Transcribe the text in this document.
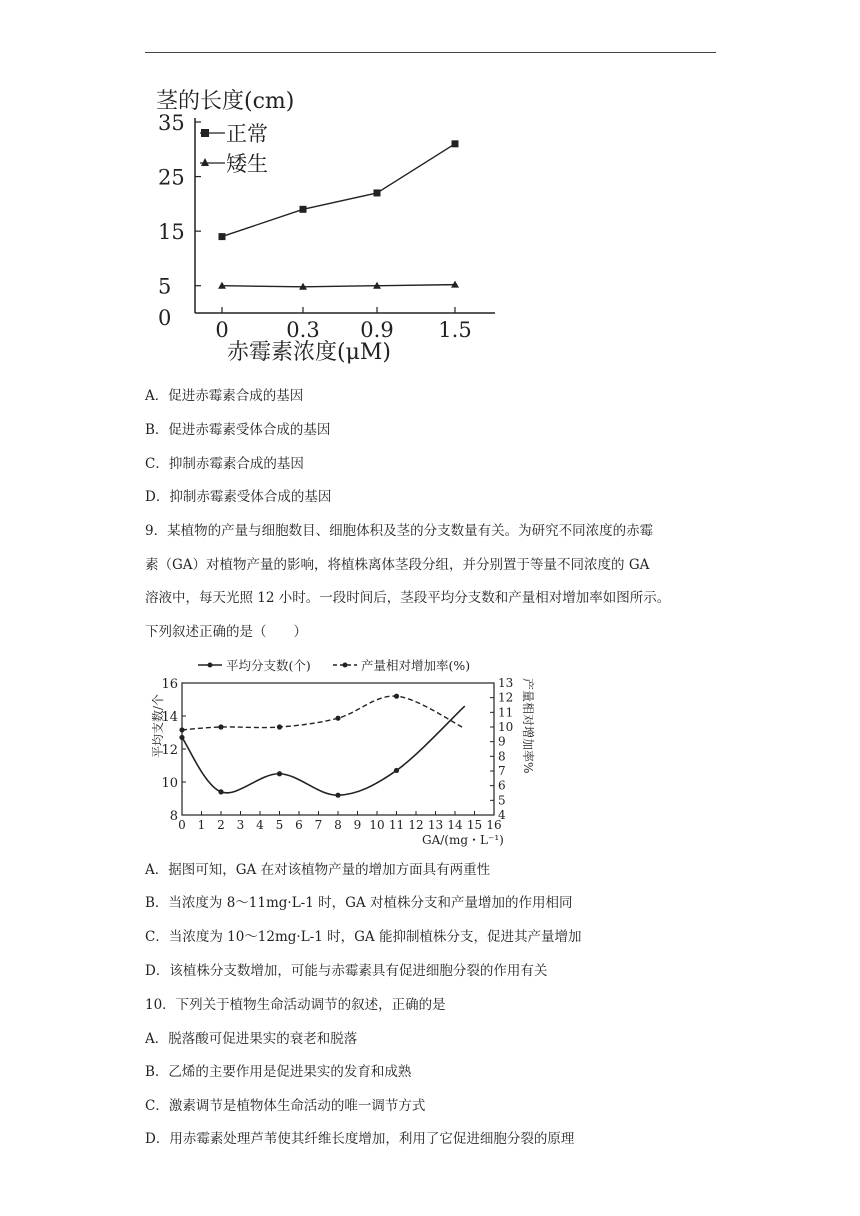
茎的长度(cm)
35
25
15
5
0 0	0.3 0.9 1.5
正常
矮生
赤霉素浓度(μM)
A．促进赤霉素合成的基因
B．促进赤霉素受体合成的基因
C．抑制赤霉素合成的基因
D．抑制赤霉素受体合成的基因

9．某植物的产量与细胞数目、细胞体积及茎的分支数量有关。为研究不同浓度的赤霉

素（GA）对植物产量的影响，将植株离体茎段分组，并分别置于等量不同浓度的 GA

溶液中，每天光照 12 小时。一段时间后，茎段平均分支数和产量相对增加率如图所示。

下列叙述正确的是（　　）

平均分支数(个)	产量相对增加率(%)
平均支数/个	产量相对增加率%
16
14
12
10
8
13
12
11
10
9
8
7
6
5
4
0 1 2 3 4 5 6 7 8 9 10 11 12 13 14 15 16
GA/(mg・L⁻¹)
A．据图可知，GA 在对该植物产量的增加方面具有两重性
B．当浓度为 8～11mg·L-1 时，GA 对植株分支和产量增加的作用相同
C．当浓度为 10～12mg·L-1 时，GA 能抑制植株分支，促进其产量增加
D．该植株分支数增加，可能与赤霉素具有促进细胞分裂的作用有关
10．下列关于植物生命活动调节的叙述，正确的是
A．脱落酸可促进果实的衰老和脱落
B．乙烯的主要作用是促进果实的发育和成熟
C．激素调节是植物体生命活动的唯一调节方式
D．用赤霉素处理芦苇使其纤维长度增加，利用了它促进细胞分裂的原理
